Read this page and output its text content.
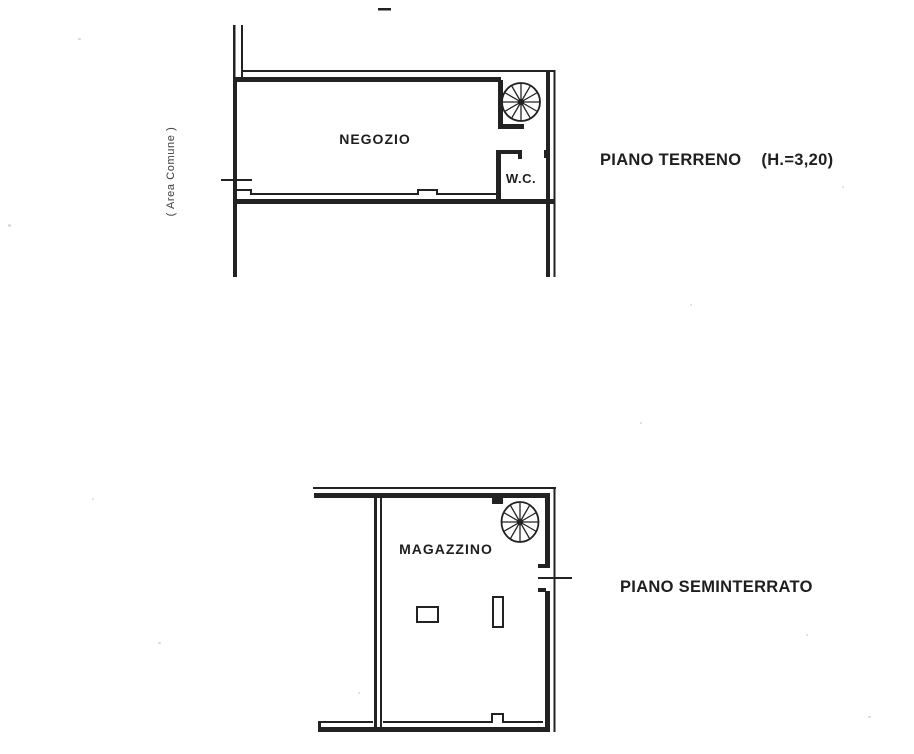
( Area Comune )	NEGOZIO
W.C.
PIANO TERRENO (H.=3,20)
MAGAZZINO
PIANO SEMINTERRATO
